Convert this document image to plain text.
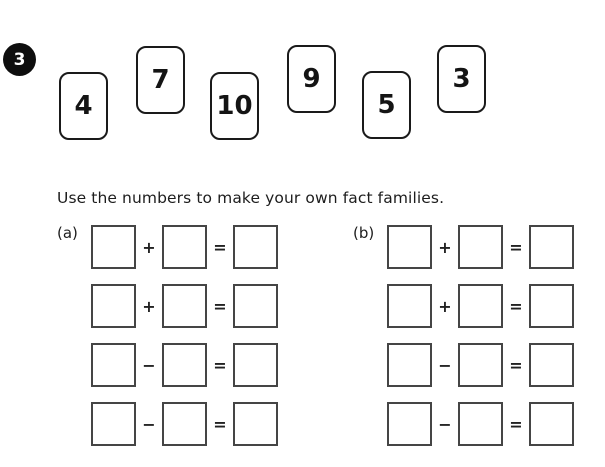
3
4
7
10
9
5
3
Use the numbers to make your own fact families.
(a)
+	=
+	=
−	=
−	=
(b)
+	=
+	=
−	=
−	=
